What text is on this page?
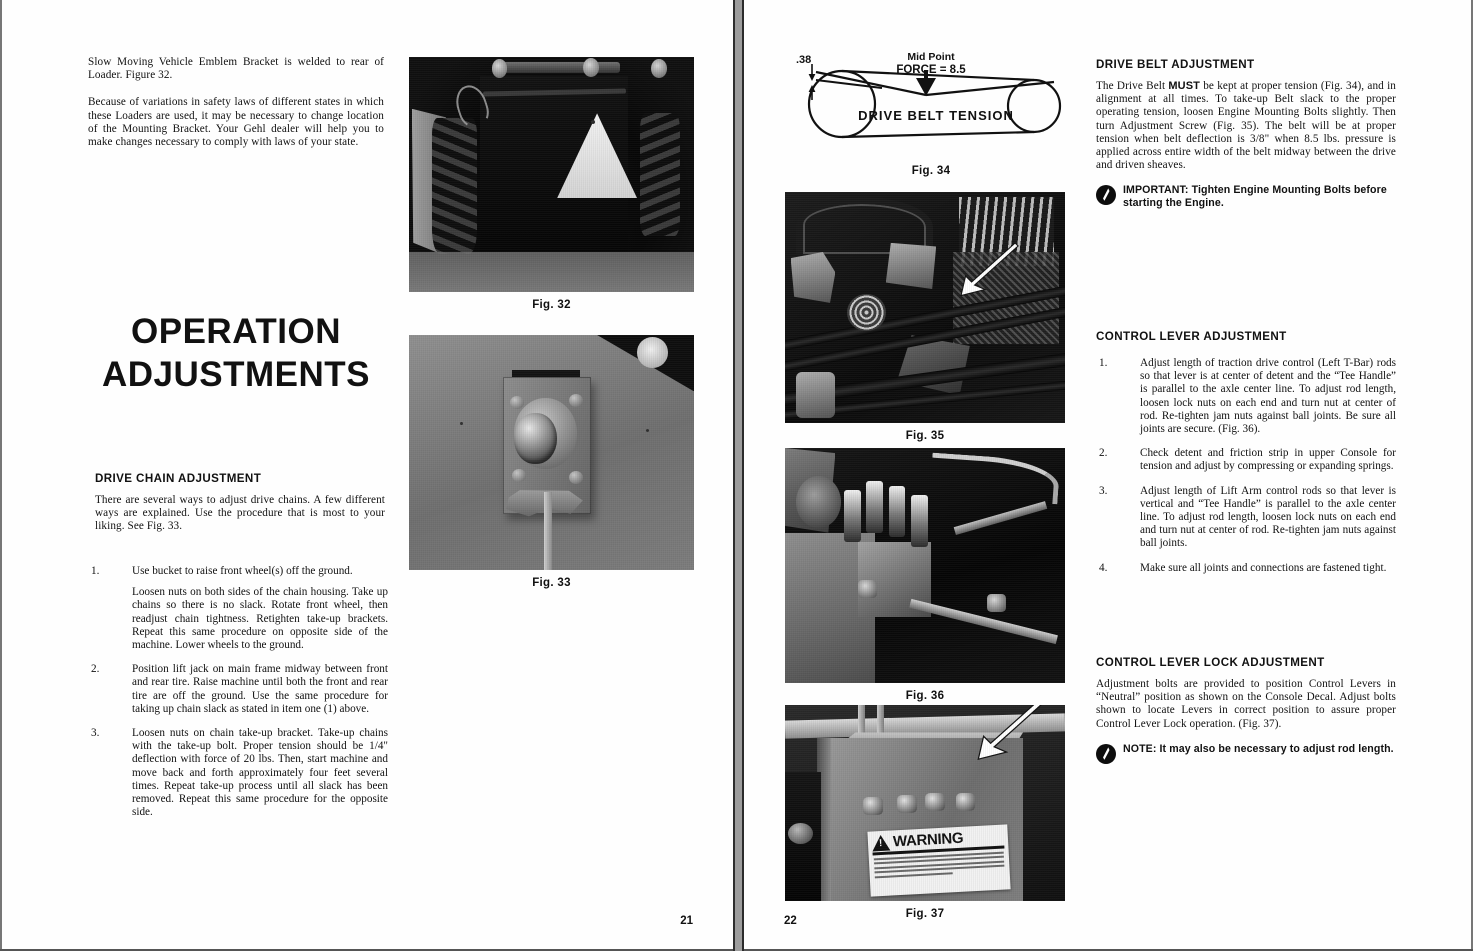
Slow Moving Vehicle Emblem Bracket is welded to rear of Loader. Figure 32.

Because of variations in safety laws of different states in which these Loaders are used, it may be necessary to change location of the Mounting Bracket. Your Gehl dealer will help you to make changes necessary to comply with laws of your state.

OPERATION
ADJUSTMENTS
DRIVE CHAIN ADJUSTMENT

There are several ways to adjust drive chains. A few different ways are explained. Use the procedure that is most to your liking. See Fig. 33.

1.	Use bucket to raise front wheel(s) off the ground.

Loosen nuts on both sides of the chain housing. Take up chains so there is no slack. Rotate front wheel, then readjust chain tightness. Retighten take-up brackets. Repeat this same procedure on opposite side of the machine. Lower wheels to the ground.

2.	Position lift jack on main frame midway between front and rear tire. Raise machine until both the front and rear tire are off the ground. Use the same procedure for taking up chain slack as stated in item one (1) above.

3.	Loosen nuts on chain take-up bracket. Take-up chains with the take-up bolt. Proper tension should be 1/4" deflection with force of 20 lbs. Then, start machine and move back and forth approximately four feet several times. Repeat take-up process until all slack has been removed. Repeat this same procedure for the opposite side.

Fig. 32
Fig. 33
21
.38	Mid Point
FORCE = 8.5
DRIVE BELT TENSION
Fig. 34
Fig. 35
Fig. 36
!
WARNING
Fig. 37
DRIVE BELT ADJUSTMENT

The Drive Belt MUST be kept at proper tension (Fig. 34), and in alignment at all times. To take-up Belt slack to the proper operating tension, loosen Engine Mounting Bolts slightly. Then turn Adjustment Screw (Fig. 35). The belt will be at proper tension when belt deflection is 3/8" when 8.5 lbs. pressure is applied across entire width of the belt midway between the drive and driven sheaves.

IMPORTANT: Tighten Engine Mounting Bolts before starting the Engine.
CONTROL LEVER ADJUSTMENT
1.	Adjust length of traction drive control (Left T-Bar) rods so that lever is at center of detent and the “Tee Handle” is parallel to the axle center line. To adjust rod length, loosen lock nuts on each end and turn nut at center of rod. Re-tighten jam nuts against ball joints. Be sure all joints are secure. (Fig. 36).

2.	Check detent and friction strip in upper Console for tension and adjust by compressing or expanding springs.

3.	Adjust length of Lift Arm control rods so that lever is vertical and “Tee Handle” is parallel to the axle center line. To adjust rod length, loosen lock nuts on each end and turn nut at center of rod. Re-tighten jam nuts against ball joints.

4.	Make sure all joints and connections are fastened tight.

CONTROL LEVER LOCK ADJUSTMENT

Adjustment bolts are provided to position Control Levers in “Neutral” position as shown on the Console Decal. Adjust bolts shown to locate Levers in correct position to assure proper Control Lever Lock operation. (Fig. 37).

NOTE: It may also be necessary to adjust rod length.
22
